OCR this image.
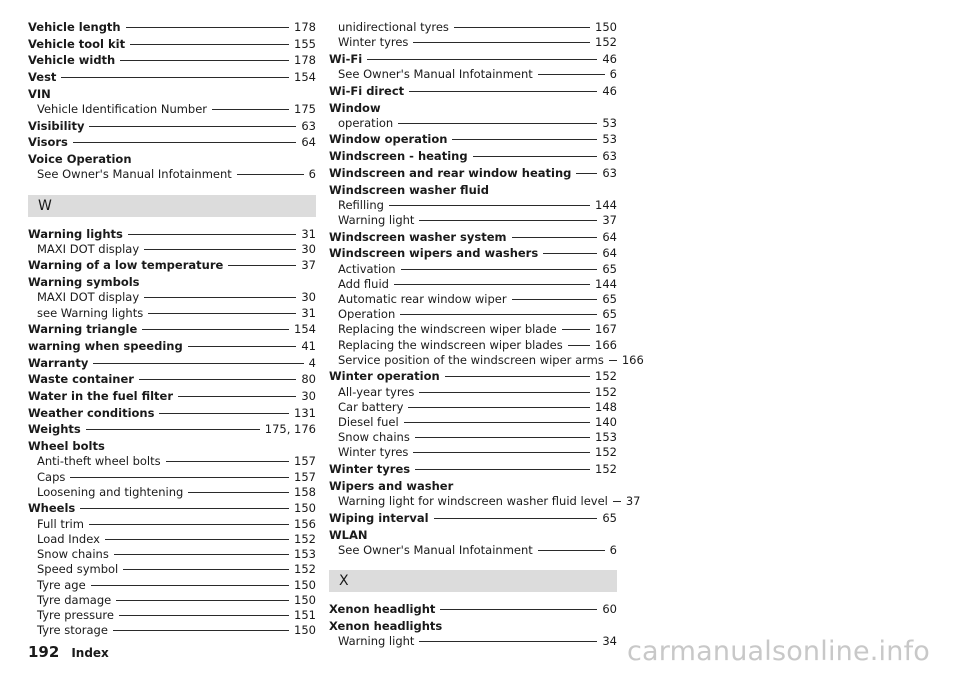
Vehicle length	178
Vehicle tool kit	155
Vehicle width	178
Vest	154
VIN
Vehicle Identification Number	175
Visibility	63
Visors	64
Voice Operation
See Owner's Manual Infotainment	6
W
Warning lights	31
MAXI DOT display	30
Warning of a low temperature	37
Warning symbols
MAXI DOT display	30
see Warning lights	31
Warning triangle	154
warning when speeding	41
Warranty	4
Waste container	80
Water in the fuel filter	30
Weather conditions	131
Weights	175, 176
Wheel bolts
Anti-theft wheel bolts	157
Caps	157
Loosening and tightening	158
Wheels	150
Full trim	156
Load Index	152
Snow chains	153
Speed symbol	152
Tyre age	150
Tyre damage	150
Tyre pressure	151
Tyre storage	150
unidirectional tyres	150
Winter tyres	152
Wi-Fi	46
See Owner's Manual Infotainment	6
Wi-Fi direct	46
Window
operation	53
Window operation	53
Windscreen - heating	63
Windscreen and rear window heating	63
Windscreen washer fluid
Refilling	144
Warning light	37
Windscreen washer system	64
Windscreen wipers and washers	64
Activation	65
Add fluid	144
Automatic rear window wiper	65
Operation	65
Replacing the windscreen wiper blade	167
Replacing the windscreen wiper blades	166
Service position of the windscreen wiper arms 166
Winter operation	152
All-year tyres	152
Car battery	148
Diesel fuel	140
Snow chains	153
Winter tyres	152
Winter tyres	152
Wipers and washer
Warning light for windscreen washer fluid level 37
Wiping interval	65
WLAN
See Owner's Manual Infotainment	6
X
Xenon headlight	60
Xenon headlights
Warning light	34
192 Index	carmanualsonline.info
